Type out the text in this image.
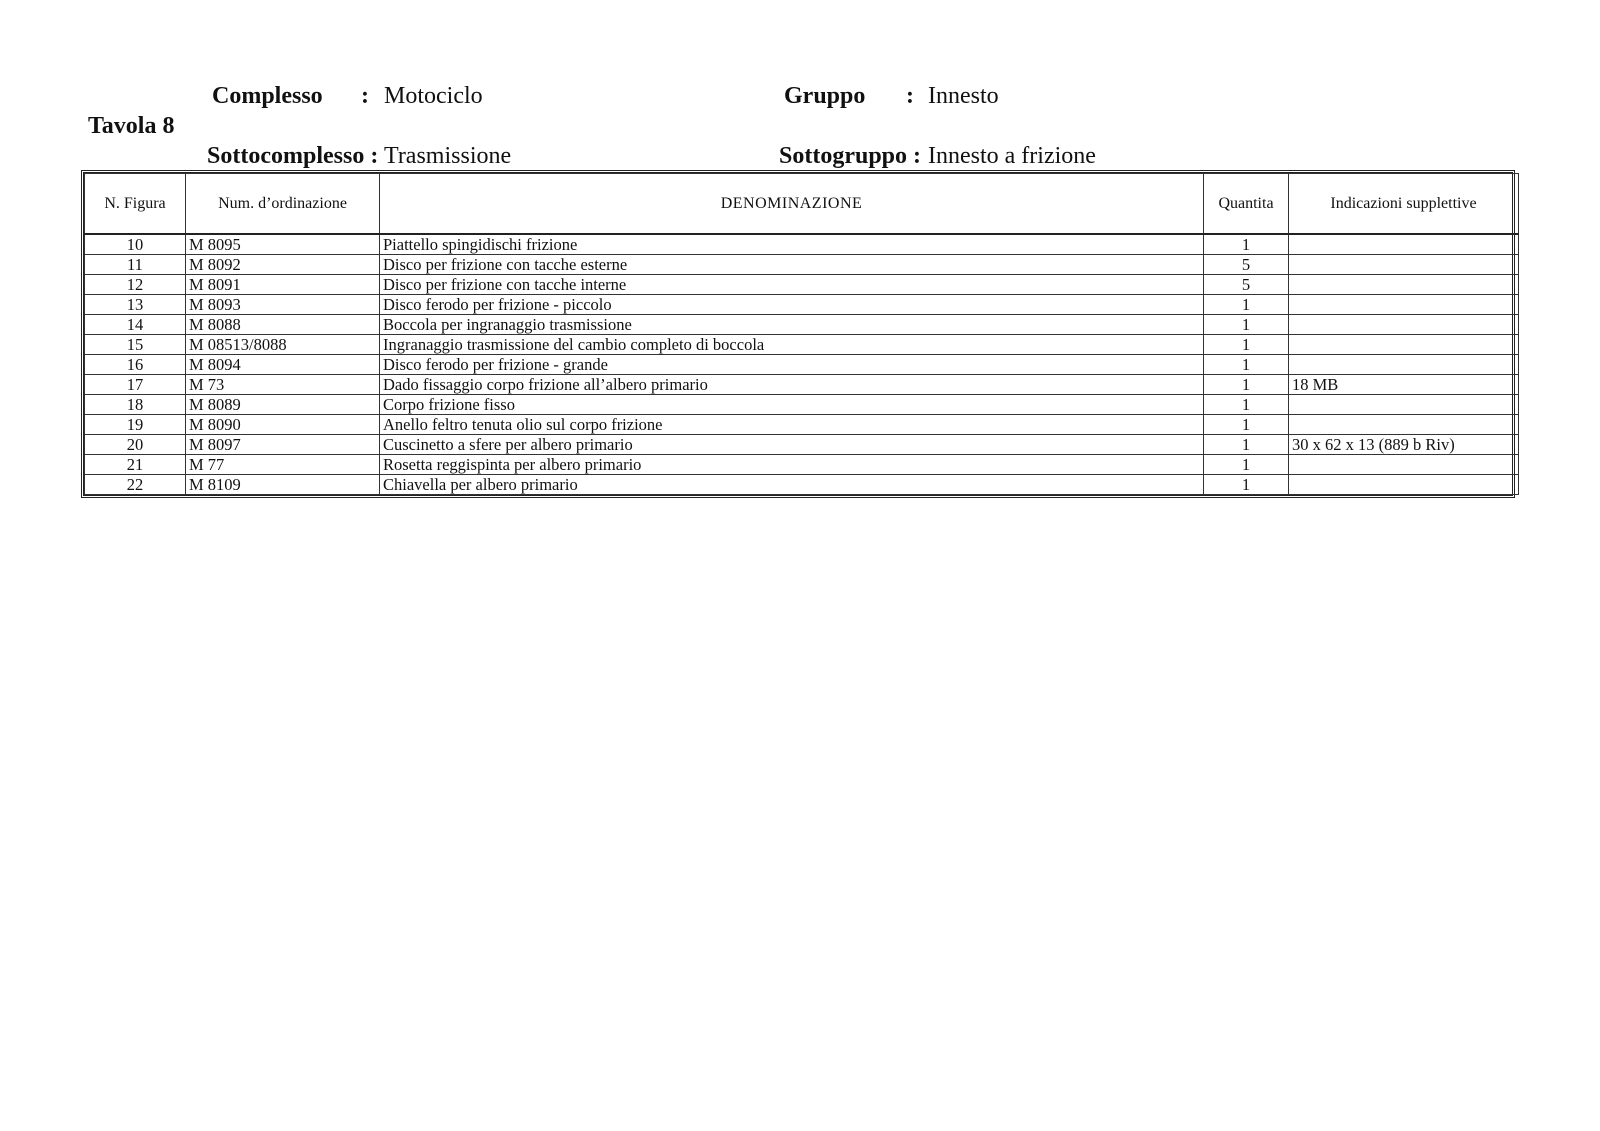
Complesso : Motociclo
Tavola 8
Sottocomplesso : Trasmissione
Gruppo : Innesto
Sottogruppo : Innesto a frizione
N. Figura	Num. d’ordinazione	DENOMINAZIONE	Quantita	Indicazioni supplettive
10	M 8095	Piattello spingidischi frizione	1	
11	M 8092	Disco per frizione con tacche esterne	5	
12	M 8091	Disco per frizione con tacche interne	5	
13	M 8093	Disco ferodo per frizione - piccolo	1	
14	M 8088	Boccola per ingranaggio trasmissione	1	
15	M 08513/8088	Ingranaggio trasmissione del cambio completo di boccola	1	
16	M 8094	Disco ferodo per frizione - grande	1	
17	M 73	Dado fissaggio corpo frizione all’albero primario	1	18 MB
18	M 8089	Corpo frizione fisso	1	
19	M 8090	Anello feltro tenuta olio sul corpo frizione	1	
20	M 8097	Cuscinetto a sfere per albero primario	1	30 x 62 x 13 (889 b Riv)
21	M 77	Rosetta reggispinta per albero primario	1	
22	M 8109	Chiavella per albero primario	1	
